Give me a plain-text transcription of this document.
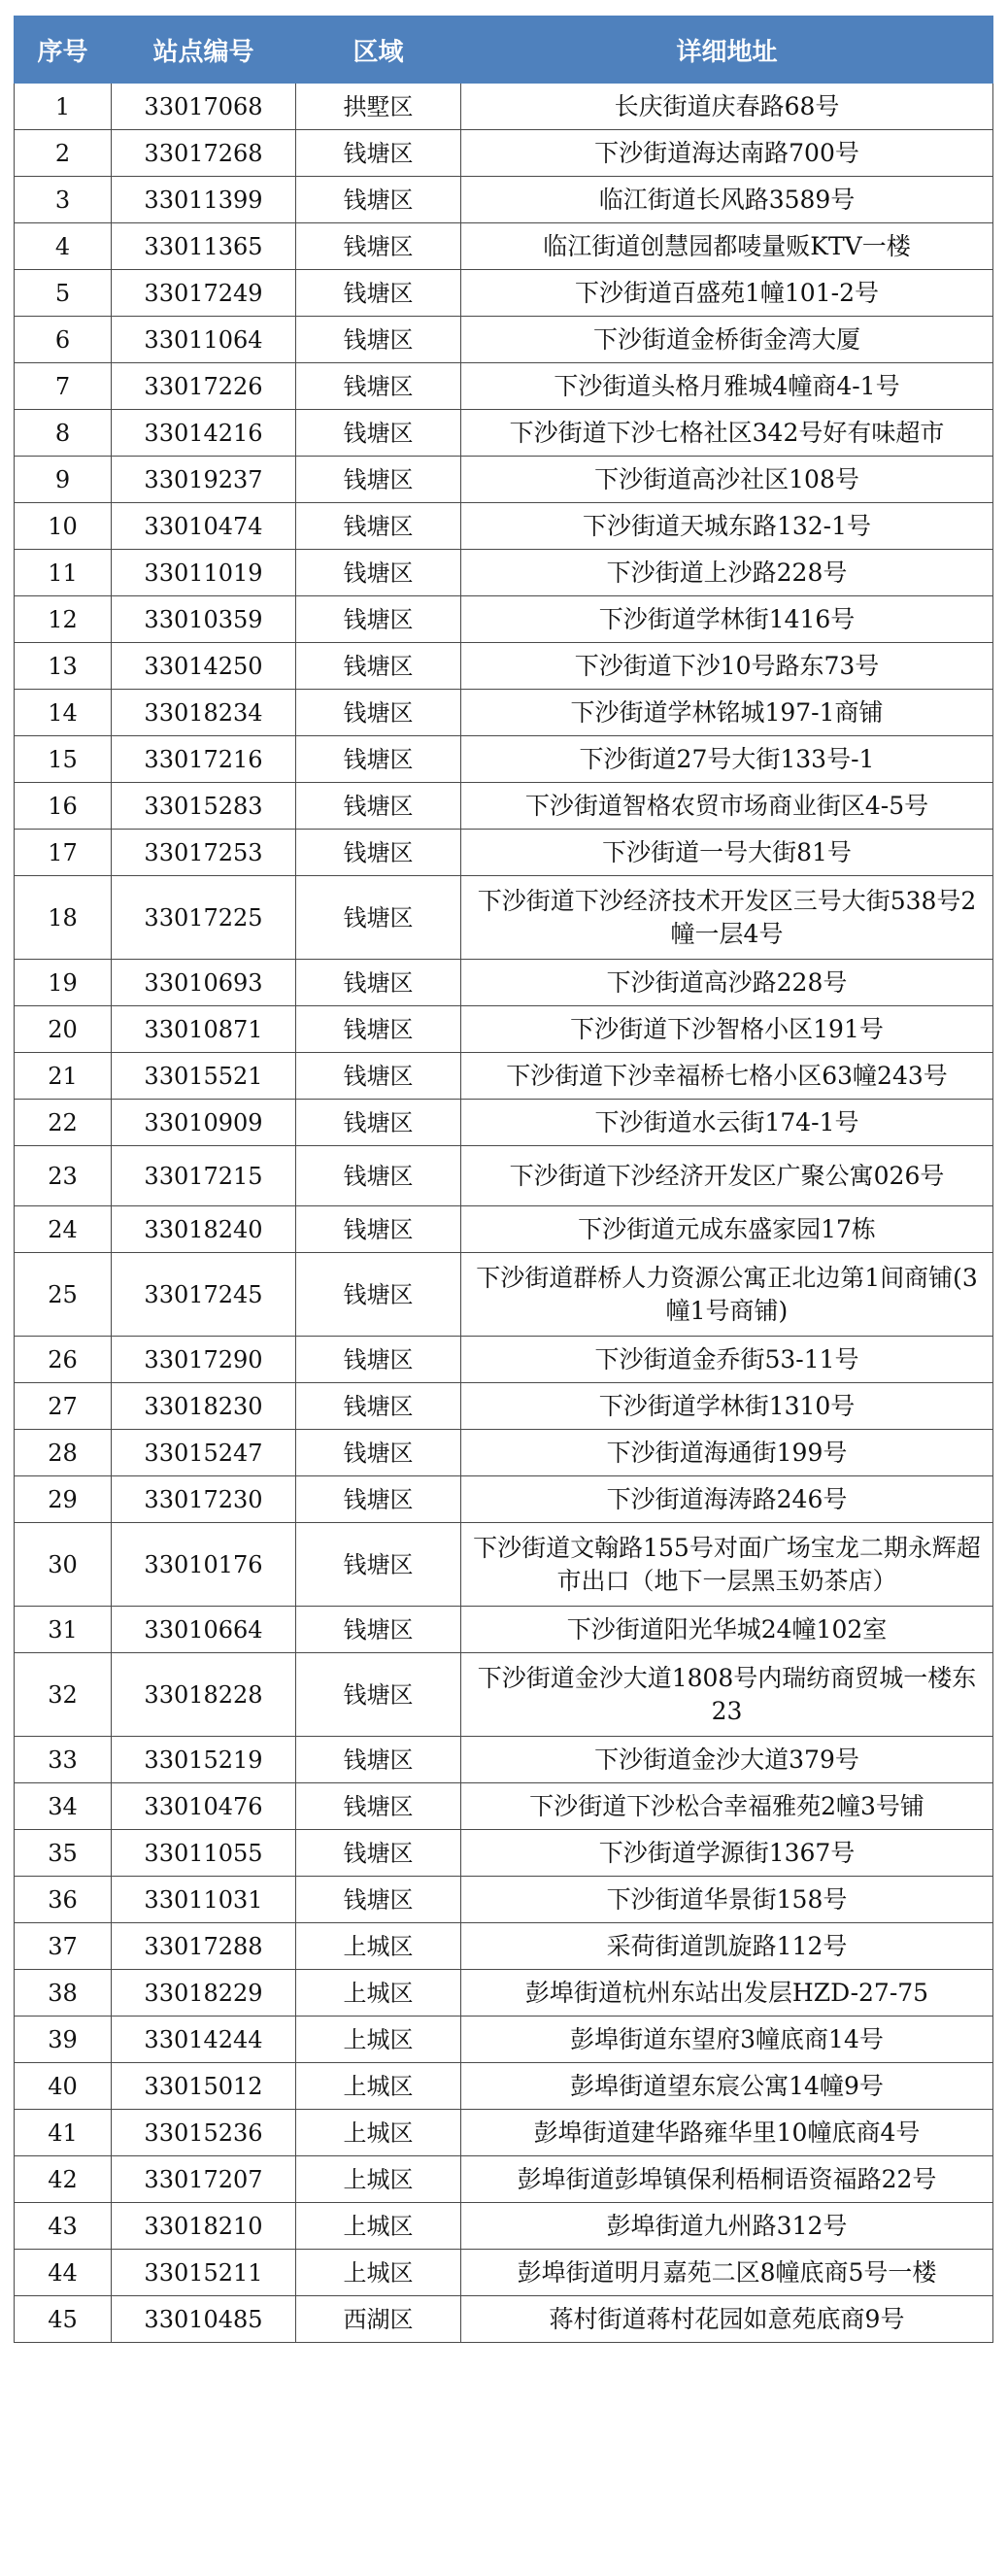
序号	站点编号	区域	详细地址
1	33017068	拱墅区	长庆街道庆春路68号
2	33017268	钱塘区	下沙街道海达南路700号
3	33011399	钱塘区	临江街道长风路3589号
4	33011365	钱塘区	临江街道创慧园都唛量贩KTV一楼
5	33017249	钱塘区	下沙街道百盛苑1幢101-2号
6	33011064	钱塘区	下沙街道金桥街金湾大厦
7	33017226	钱塘区	下沙街道头格月雅城4幢商4-1号
8	33014216	钱塘区	下沙街道下沙七格社区342号好有味超市
9	33019237	钱塘区	下沙街道高沙社区108号
10	33010474	钱塘区	下沙街道天城东路132-1号
11	33011019	钱塘区	下沙街道上沙路228号
12	33010359	钱塘区	下沙街道学林街1416号
13	33014250	钱塘区	下沙街道下沙10号路东73号
14	33018234	钱塘区	下沙街道学林铭城197-1商铺
15	33017216	钱塘区	下沙街道27号大街133号-1
16	33015283	钱塘区	下沙街道智格农贸市场商业街区4-5号
17	33017253	钱塘区	下沙街道一号大街81号
18	33017225	钱塘区	下沙街道下沙经济技术开发区三号大街538号2幢一层4号
19	33010693	钱塘区	下沙街道高沙路228号
20	33010871	钱塘区	下沙街道下沙智格小区191号
21	33015521	钱塘区	下沙街道下沙幸福桥七格小区63幢243号
22	33010909	钱塘区	下沙街道水云街174-1号
23	33017215	钱塘区	下沙街道下沙经济开发区广聚公寓026号
24	33018240	钱塘区	下沙街道元成东盛家园17栋
25	33017245	钱塘区	下沙街道群桥人力资源公寓正北边第1间商铺(3幢1号商铺)
26	33017290	钱塘区	下沙街道金乔街53-11号
27	33018230	钱塘区	下沙街道学林街1310号
28	33015247	钱塘区	下沙街道海通街199号
29	33017230	钱塘区	下沙街道海涛路246号
30	33010176	钱塘区	下沙街道文翰路155号对面广场宝龙二期永辉超市出口（地下一层黑玉奶茶店）
31	33010664	钱塘区	下沙街道阳光华城24幢102室
32	33018228	钱塘区	下沙街道金沙大道1808号内瑞纺商贸城一楼东23
33	33015219	钱塘区	下沙街道金沙大道379号
34	33010476	钱塘区	下沙街道下沙松合幸福雅苑2幢3号铺
35	33011055	钱塘区	下沙街道学源街1367号
36	33011031	钱塘区	下沙街道华景街158号
37	33017288	上城区	采荷街道凯旋路112号
38	33018229	上城区	彭埠街道杭州东站出发层HZD-27-75
39	33014244	上城区	彭埠街道东望府3幢底商14号
40	33015012	上城区	彭埠街道望东宸公寓14幢9号
41	33015236	上城区	彭埠街道建华路雍华里10幢底商4号
42	33017207	上城区	彭埠街道彭埠镇保利梧桐语资福路22号
43	33018210	上城区	彭埠街道九州路312号
44	33015211	上城区	彭埠街道明月嘉苑二区8幢底商5号一楼
45	33010485	西湖区	蒋村街道蒋村花园如意苑底商9号
